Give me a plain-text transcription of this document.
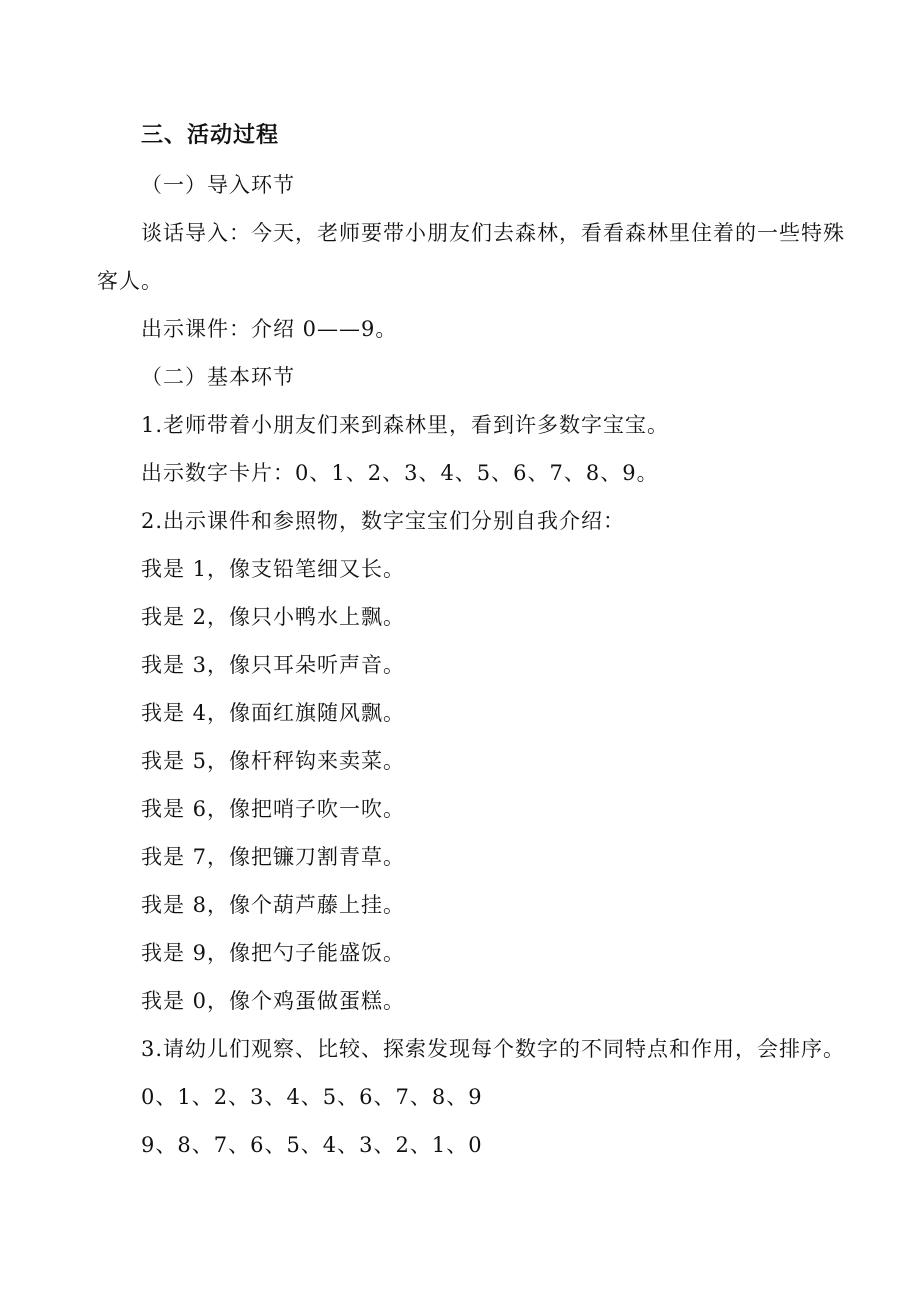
三、活动过程
（一）导入环节
谈话导入：今天，老师要带小朋友们去森林，看看森林里住着的一些特殊
客人。
出示课件：介绍 0——9。
（二）基本环节
1.老师带着小朋友们来到森林里，看到许多数字宝宝。
出示数字卡片：0、1、2、3、4、5、6、7、8、9。
2.出示课件和参照物，数字宝宝们分别自我介绍：
我是 1，像支铅笔细又长。
我是 2，像只小鸭水上飘。
我是 3，像只耳朵听声音。
我是 4，像面红旗随风飘。
我是 5，像杆秤钩来卖菜。
我是 6，像把哨子吹一吹。
我是 7，像把镰刀割青草。
我是 8，像个葫芦藤上挂。
我是 9，像把勺子能盛饭。
我是 0，像个鸡蛋做蛋糕。
3.请幼儿们观察、比较、探索发现每个数字的不同特点和作用，会排序。
0、1、2、3、4、5、6、7、8、9
9、8、7、6、5、4、3、2、1、0
